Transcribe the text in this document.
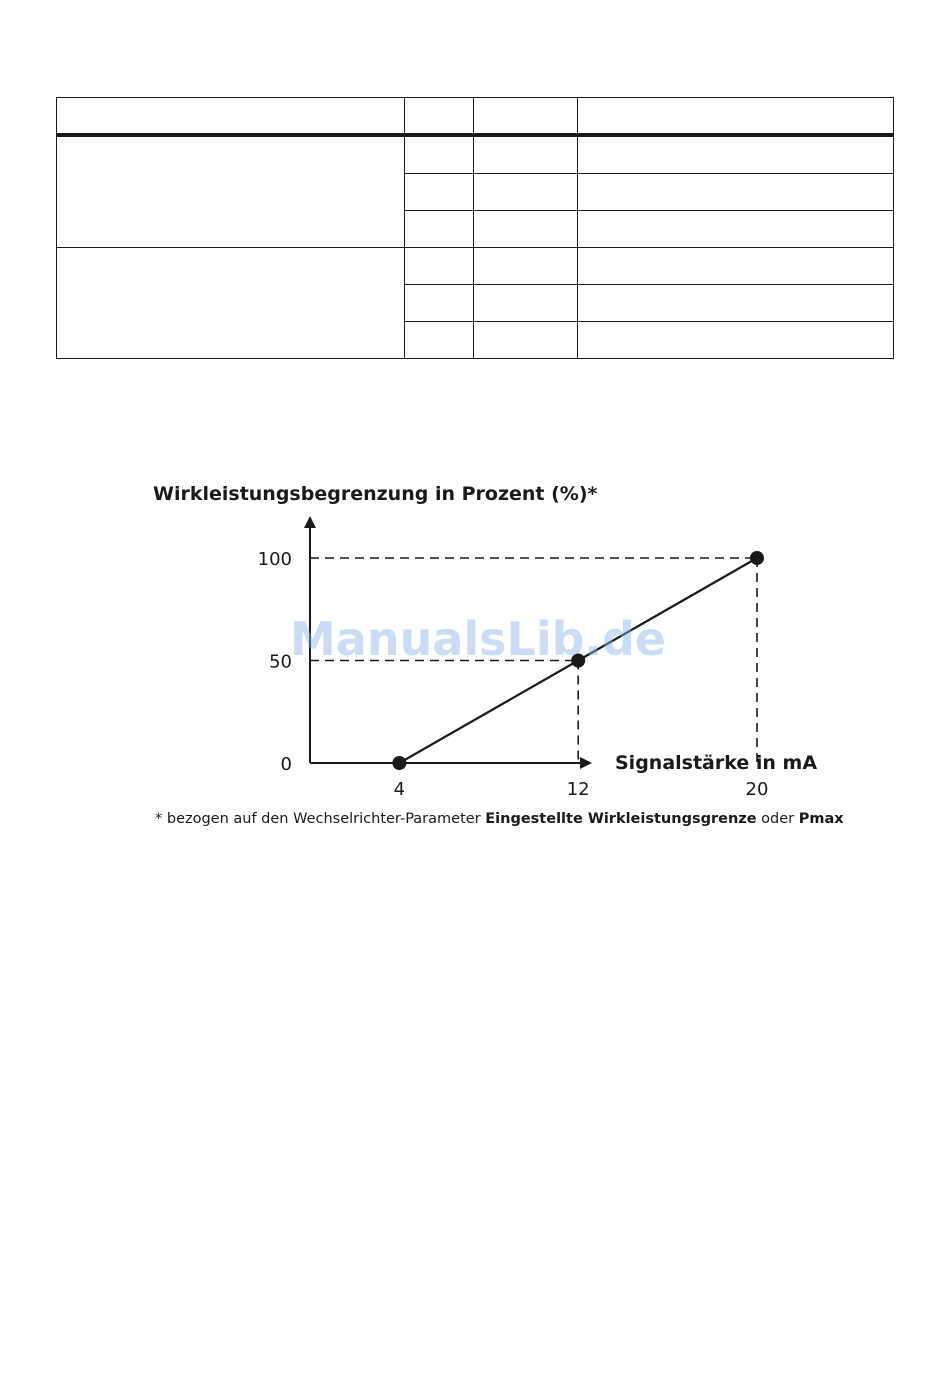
Wirkleistungsbegrenzung in Prozent (%)*
4	12	20
0
50
100
Signalstärke in mA
ManualsLib.de
* bezogen auf den Wechselrichter-Parameter Eingestellte Wirkleistungsgrenze oder Pmax
